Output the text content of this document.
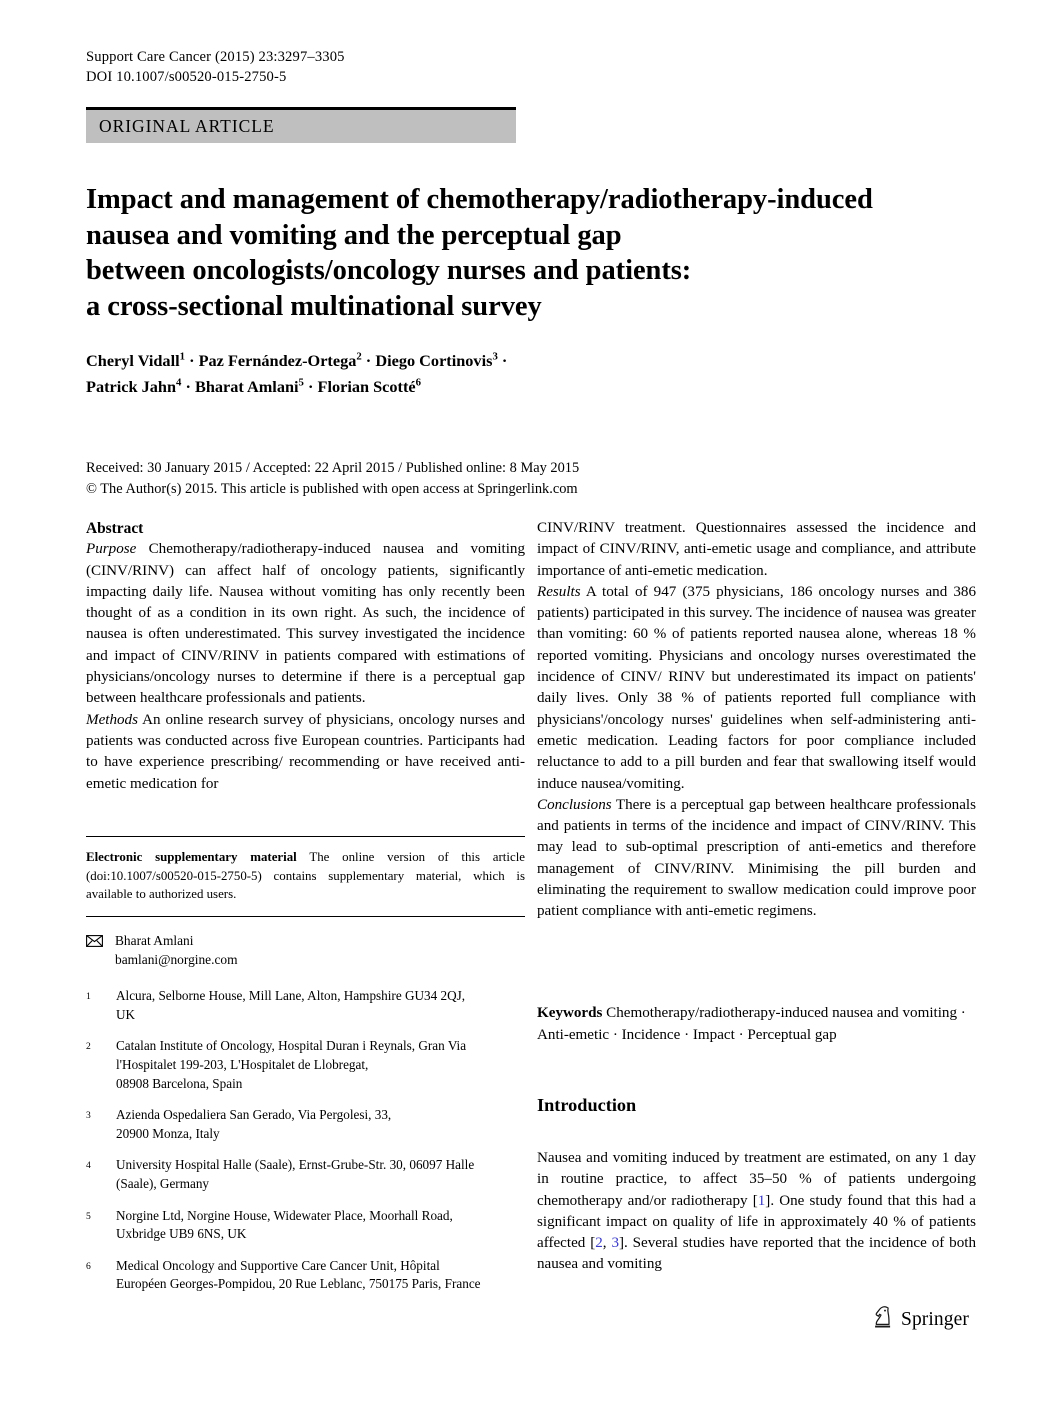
Support Care Cancer (2015) 23:3297–3305
DOI 10.1007/s00520-015-2750-5
ORIGINAL ARTICLE
Impact and management of chemotherapy/radiotherapy-induced
nausea and vomiting and the perceptual gap
between oncologists/oncology nurses and patients:
a cross-sectional multinational survey
Cheryl Vidall$^1$ · Paz Fernández-Ortega$^2$ · Diego Cortinovis$^3$ ·
Patrick Jahn$^4$ · Bharat Amlani$^5$ · Florian Scotté$^6$
Received: 30 January 2015 / Accepted: 22 April 2015 / Published online: 8 May 2015
© The Author(s) 2015. This article is published with open access at Springerlink.com

Abstract

Purpose Chemotherapy/radiotherapy-induced nausea and vomiting (CINV/RINV) can affect half of oncology patients, significantly impacting daily life. Nausea without vomiting has only recently been thought of as a condition in its own right. As such, the incidence of nausea is often underestimated. This survey investigated the incidence and impact of CINV/RINV in patients compared with estimations of physicians/oncology nurses to determine if there is a perceptual gap between healthcare professionals and patients.

Methods An online research survey of physicians, oncology nurses and patients was conducted across five European countries. Participants had to have experience prescribing/ recommending or have received anti-emetic medication for

CINV/RINV treatment. Questionnaires assessed the incidence and impact of CINV/RINV, anti-emetic usage and compliance, and attribute importance of anti-emetic medication.

Results A total of 947 (375 physicians, 186 oncology nurses and 386 patients) participated in this survey. The incidence of nausea was greater than vomiting: 60 % of patients reported nausea alone, whereas 18 % reported vomiting. Physicians and oncology nurses overestimated the incidence of CINV/ RINV but underestimated its impact on patients' daily lives. Only 38 % of patients reported full compliance with physicians'/oncology nurses' guidelines when self-administering anti-emetic medication. Leading factors for poor compliance included reluctance to add to a pill burden and fear that swallowing itself would induce nausea/vomiting.

Conclusions There is a perceptual gap between healthcare professionals and patients in terms of the incidence and impact of CINV/RINV. This may lead to sub-optimal prescription of anti-emetics and therefore management of CINV/RINV. Minimising the pill burden and eliminating the requirement to swallow medication could improve poor patient compliance with anti-emetic regimens.

Electronic supplementary material The online version of this article (doi:10.1007/s00520-015-2750-5) contains supplementary material, which is available to authorized users.
Bharat Amlani
bamlani@norgine.com
1	Alcura, Selborne House, Mill Lane, Alton, Hampshire GU34 2QJ,
UK
2	Catalan Institute of Oncology, Hospital Duran i Reynals, Gran Via
l'Hospitalet 199-203, L'Hospitalet de Llobregat,
08908 Barcelona, Spain
3	Azienda Ospedaliera San Gerado, Via Pergolesi, 33,
20900 Monza, Italy
4	University Hospital Halle (Saale), Ernst-Grube-Str. 30, 06097 Halle
(Saale), Germany
5	Norgine Ltd, Norgine House, Widewater Place, Moorhall Road,
Uxbridge UB9 6NS, UK
6	Medical Oncology and Supportive Care Cancer Unit, Hôpital
Européen Georges-Pompidou, 20 Rue Leblanc, 750175 Paris, France
Keywords Chemotherapy/radiotherapy-induced nausea and vomiting · Anti-emetic · Incidence · Impact · Perceptual gap
Introduction
Nausea and vomiting induced by treatment are estimated, on any 1 day in routine practice, to affect 35–50 % of patients undergoing chemotherapy and/or radiotherapy [1]. One study found that this had a significant impact on quality of life in approximately 40 % of patients affected [2, 3]. Several studies have reported that the incidence of both nausea and vomiting
Springer
